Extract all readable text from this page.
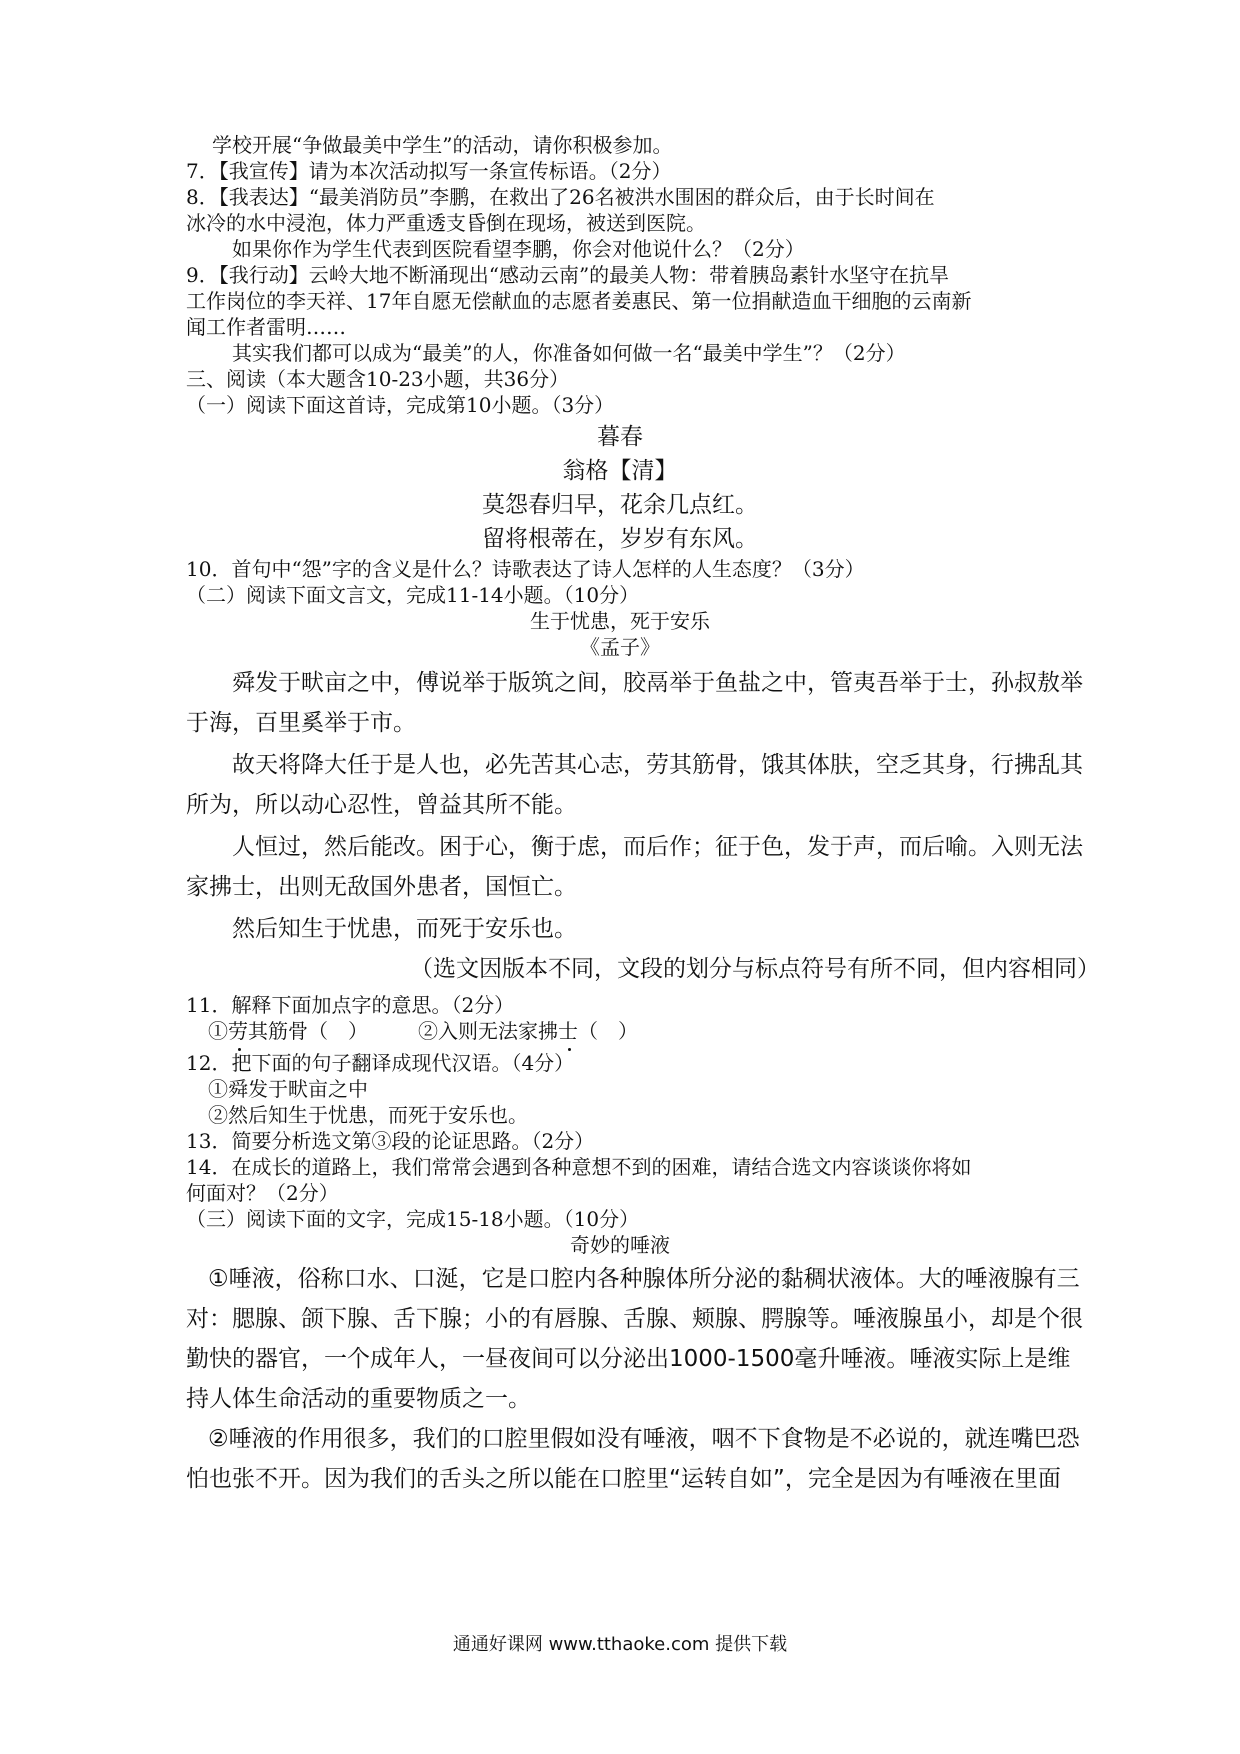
学校开展“争做最美中学生”的活动，请你积极参加。
7．【我宣传】请为本次活动拟写一条宣传标语。（2分）
8．【我表达】“最美消防员”李鹏，在救出了26名被洪水围困的群众后，由于长时间在
冰冷的水中浸泡，体力严重透支昏倒在现场，被送到医院。
如果你作为学生代表到医院看望李鹏，你会对他说什么？（2分）
9．【我行动】云岭大地不断涌现出“感动云南”的最美人物：带着胰岛素针水坚守在抗旱
工作岗位的李天祥、17年自愿无偿献血的志愿者姜惠民、第一位捐献造血干细胞的云南新
闻工作者雷明……
其实我们都可以成为“最美”的人，你准备如何做一名“最美中学生”？（2分）
三、阅读（本大题含10-23小题，共36分）
（一）阅读下面这首诗，完成第10小题。（3分）
暮春
翁格【清】
莫怨春归早，花余几点红。
留将根蒂在，岁岁有东风。
10．首句中“怨”字的含义是什么？诗歌表达了诗人怎样的人生态度？（3分）
（二）阅读下面文言文，完成11-14小题。（10分）
生于忧患，死于安乐
《孟子》
舜发于畎亩之中，傅说举于版筑之间，胶鬲举于鱼盐之中，管夷吾举于士，孙叔敖举
于海，百里奚举于市。
故天将降大任于是人也，必先苦其心志，劳其筋骨，饿其体肤，空乏其身，行拂乱其
所为，所以动心忍性，曾益其所不能。
人恒过，然后能改。困于心，衡于虑，而后作；征于色，发于声，而后喻。入则无法
家拂士，出则无敌国外患者，国恒亡。
然后知生于忧患，而死于安乐也。
（选文因版本不同，文段的划分与标点符号有所不同，但内容相同）
11．解释下面加点字的意思。（2分）
①劳其筋骨（　）　　　②入则无法家拂士（　）
12．把下面的句子翻译成现代汉语。（4分）
①舜发于畎亩之中
②然后知生于忧患，而死于安乐也。
13．简要分析选文第③段的论证思路。（2分）
14．在成长的道路上，我们常常会遇到各种意想不到的困难，请结合选文内容谈谈你将如
何面对？（2分）
（三）阅读下面的文字，完成15-18小题。（10分）
奇妙的唾液
①唾液，俗称口水、口涎，它是口腔内各种腺体所分泌的黏稠状液体。大的唾液腺有三
对：腮腺、颌下腺、舌下腺；小的有唇腺、舌腺、颊腺、腭腺等。唾液腺虽小，却是个很
勤快的器官，一个成年人，一昼夜间可以分泌出1000-1500毫升唾液。唾液实际上是维
持人体生命活动的重要物质之一。
②唾液的作用很多，我们的口腔里假如没有唾液，咽不下食物是不必说的，就连嘴巴恐
怕也张不开。因为我们的舌头之所以能在口腔里“运转自如”，完全是因为有唾液在里面
通通好课网 www.tthaoke.com 提供下载
